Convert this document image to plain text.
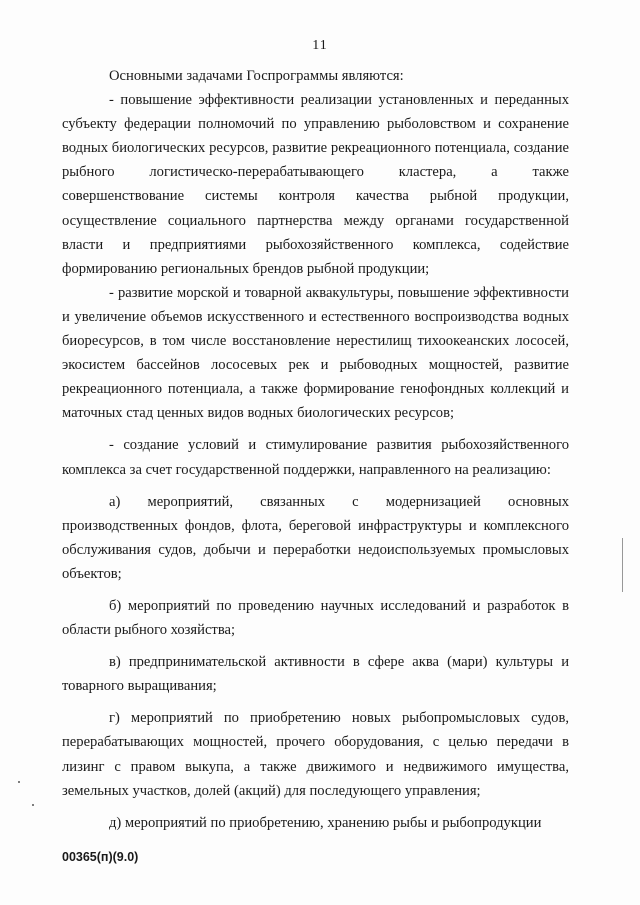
11

Основными задачами Госпрограммы являются:

- повышение эффективности реализации установленных и переданных субъекту федерации полномочий по управлению рыболовством и сохранение водных биологических ресурсов, развитие рекреационного потенциала, создание рыбного логистическо-перерабатывающего кластера, а также совершенствование системы контроля качества рыбной продукции, осуществление социального партнерства между органами государственной власти и предприятиями рыбохозяйственного комплекса, содействие формированию региональных брендов рыбной продукции;

- развитие морской и товарной аквакультуры, повышение эффективности и увеличение объемов искусственного и естественного воспроизводства водных биоресурсов, в том числе восстановление нерестилищ тихоокеанских лососей, экосистем бассейнов лососевых рек и рыбоводных мощностей, развитие рекреационного потенциала, а также формирование генофондных коллекций и маточных стад ценных видов водных биологических ресурсов;

- создание условий и стимулирование развития рыбохозяйственного комплекса за счет государственной поддержки, направленного на реализацию:

а) мероприятий, связанных с модернизацией основных производственных фондов, флота, береговой инфраструктуры и комплексного обслуживания судов, добычи и переработки недоиспользуемых промысловых объектов;

б) мероприятий по проведению научных исследований и разработок в области рыбного хозяйства;

в) предпринимательской активности в сфере аква (мари) культуры и товарного выращивания;

г) мероприятий по приобретению новых рыбопромысловых судов, перерабатывающих мощностей, прочего оборудования, с целью передачи в лизинг с правом выкупа, а также движимого и недвижимого имущества, земельных участков, долей (акций) для последующего управления;

д) мероприятий по приобретению, хранению рыбы и рыбопродукции

00365(п)(9.0)
